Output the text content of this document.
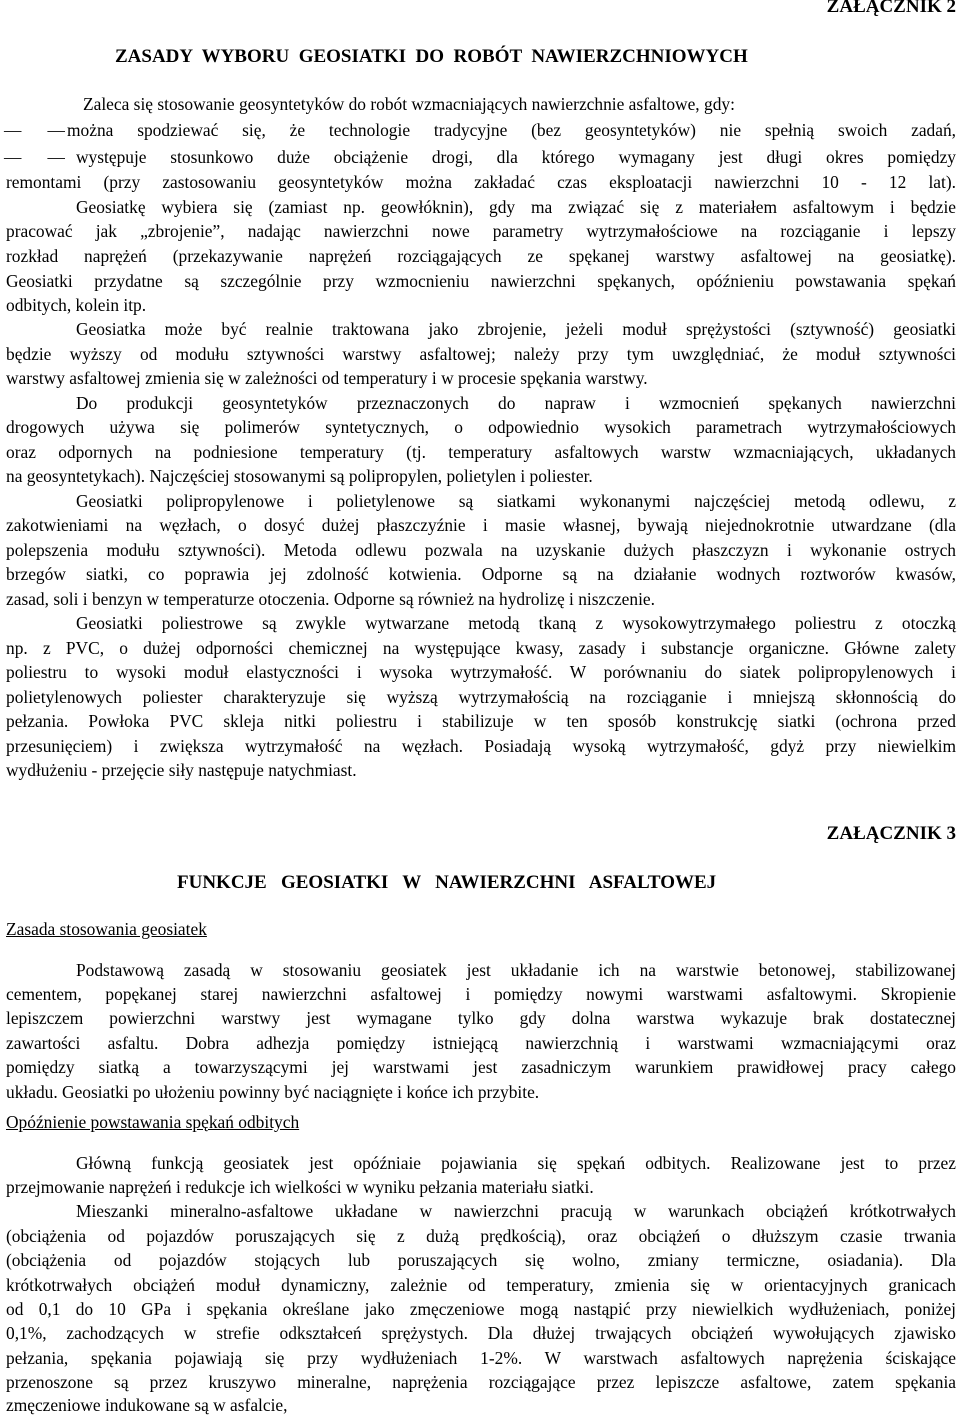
ZAŁĄCZNIK 2
ZASADY  WYBORU  GEOSIATKI  DO  ROBÓT  NAWIERZCHNIOWYCH
Zaleca się stosowanie geosyntetyków do robót wzmacniających nawierzchnie asfaltowe, gdy:
można spodziewać się, że technologie tradycyjne (bez geosyntetyków) nie spełnią swoich zadań,
—      —
występuje stosunkowo duże obciążenie drogi, dla którego wymagany jest długi okres pomiędzy
—      —
remontami (przy zastosowaniu geosyntetyków można zakładać czas eksploatacji nawierzchni 10 - 12 lat).
Geosiatkę wybiera się (zamiast np. geowłóknin), gdy ma związać się z materiałem asfaltowym i będzie
pracować jak „zbrojenie”, nadając nawierzchni nowe parametry wytrzymałościowe na rozciąganie i lepszy
rozkład naprężeń (przekazywanie naprężeń rozciągających ze spękanej warstwy asfaltowej na geosiatkę).
Geosiatki przydatne są szczególnie przy wzmocnieniu nawierzchni spękanych, opóźnieniu powstawania spękań
odbitych, kolein itp.
Geosiatka może być realnie traktowana jako zbrojenie, jeżeli moduł sprężystości (sztywność) geosiatki
będzie wyższy od modułu sztywności warstwy asfaltowej; należy przy tym uwzględniać, że moduł sztywności
warstwy asfaltowej zmienia się w zależności od temperatury i w procesie spękania warstwy.
Do produkcji geosyntetyków przeznaczonych do napraw i wzmocnień spękanych nawierzchni
drogowych używa się polimerów syntetycznych, o odpowiednio wysokich parametrach wytrzymałościowych
oraz odpornych na podniesione temperatury (tj. temperatury asfaltowych warstw wzmacniających, układanych
na geosyntetykach). Najczęściej stosowanymi są polipropylen, polietylen i poliester.
Geosiatki polipropylenowe i polietylenowe są siatkami wykonanymi najczęściej metodą odlewu, z
zakotwieniami na węzłach, o dosyć dużej płaszczyźnie i masie własnej, bywają niejednokrotnie utwardzane (dla
polepszenia modułu sztywności). Metoda odlewu pozwala na uzyskanie dużych płaszczyzn i wykonanie ostrych
brzegów siatki, co poprawia jej zdolność kotwienia. Odporne są na działanie wodnych roztworów kwasów,
zasad, soli i benzyn w temperaturze otoczenia. Odporne są również na hydrolizę i niszczenie.
Geosiatki poliestrowe są zwykle wytwarzane metodą tkaną z wysokowytrzymałego poliestru z otoczką
np. z PVC, o dużej odporności chemicznej na występujące kwasy, zasady i substancje organiczne. Główne zalety
poliestru to wysoki moduł elastyczności i wysoka wytrzymałość. W porównaniu do siatek polipropylenowych i
polietylenowych poliester charakteryzuje się wyższą wytrzymałością na rozciąganie i mniejszą skłonnością do
pełzania. Powłoka PVC skleja nitki poliestru i stabilizuje w ten sposób konstrukcję siatki (ochrona przed
przesunięciem) i zwiększa wytrzymałość na węzłach. Posiadają wysoką wytrzymałość, gdyż przy niewielkim
wydłużeniu - przejęcie siły następuje natychmiast.
ZAŁĄCZNIK 3
FUNKCJE   GEOSIATKI   W   NAWIERZCHNI   ASFALTOWEJ
Zasada stosowania geosiatek
Podstawową zasadą w stosowaniu geosiatek jest układanie ich na warstwie betonowej, stabilizowanej
cementem, popękanej starej nawierzchni asfaltowej i pomiędzy nowymi warstwami asfaltowymi. Skropienie
lepiszczem powierzchni warstwy jest wymagane tylko gdy dolna warstwa wykazuje brak dostatecznej
zawartości asfaltu. Dobra adhezja pomiędzy istniejącą nawierzchnią i warstwami wzmacniającymi oraz
pomiędzy siatką a towarzyszącymi jej warstwami jest zasadniczym warunkiem prawidłowej pracy całego
układu. Geosiatki po ułożeniu powinny być naciągnięte i końce ich przybite.
Opóźnienie powstawania spękań odbitych
Główną funkcją geosiatek jest opóźniaie pojawiania się spękań odbitych. Realizowane jest to przez
przejmowanie naprężeń i redukcje ich wielkości w wyniku pełzania materiału siatki.
Mieszanki mineralno-asfaltowe układane w nawierzchni pracują w warunkach obciążeń krótkotrwałych
(obciążenia od pojazdów poruszających się z dużą prędkością), oraz obciążeń o dłuższym czasie trwania
(obciążenia od pojazdów stojących lub poruszających się wolno, zmiany termiczne, osiadania). Dla
krótkotrwałych obciążeń moduł dynamiczny, zależnie od temperatury, zmienia się w orientacyjnych granicach
od 0,1 do 10 GPa i spękania określane jako zmęczeniowe mogą nastąpić przy niewielkich wydłużeniach, poniżej
0,1%, zachodzących w strefie odkształceń sprężystych. Dla dłużej trwających obciążeń wywołujących zjawisko
pełzania, spękania pojawiają się przy wydłużeniach 1-2%. W warstwach asfaltowych naprężenia ściskające
przenoszone są przez kruszywo mineralne, naprężenia rozciągające przez lepiszcze asfaltowe, zatem spękania
zmęczeniowe indukowane są w asfalcie,
